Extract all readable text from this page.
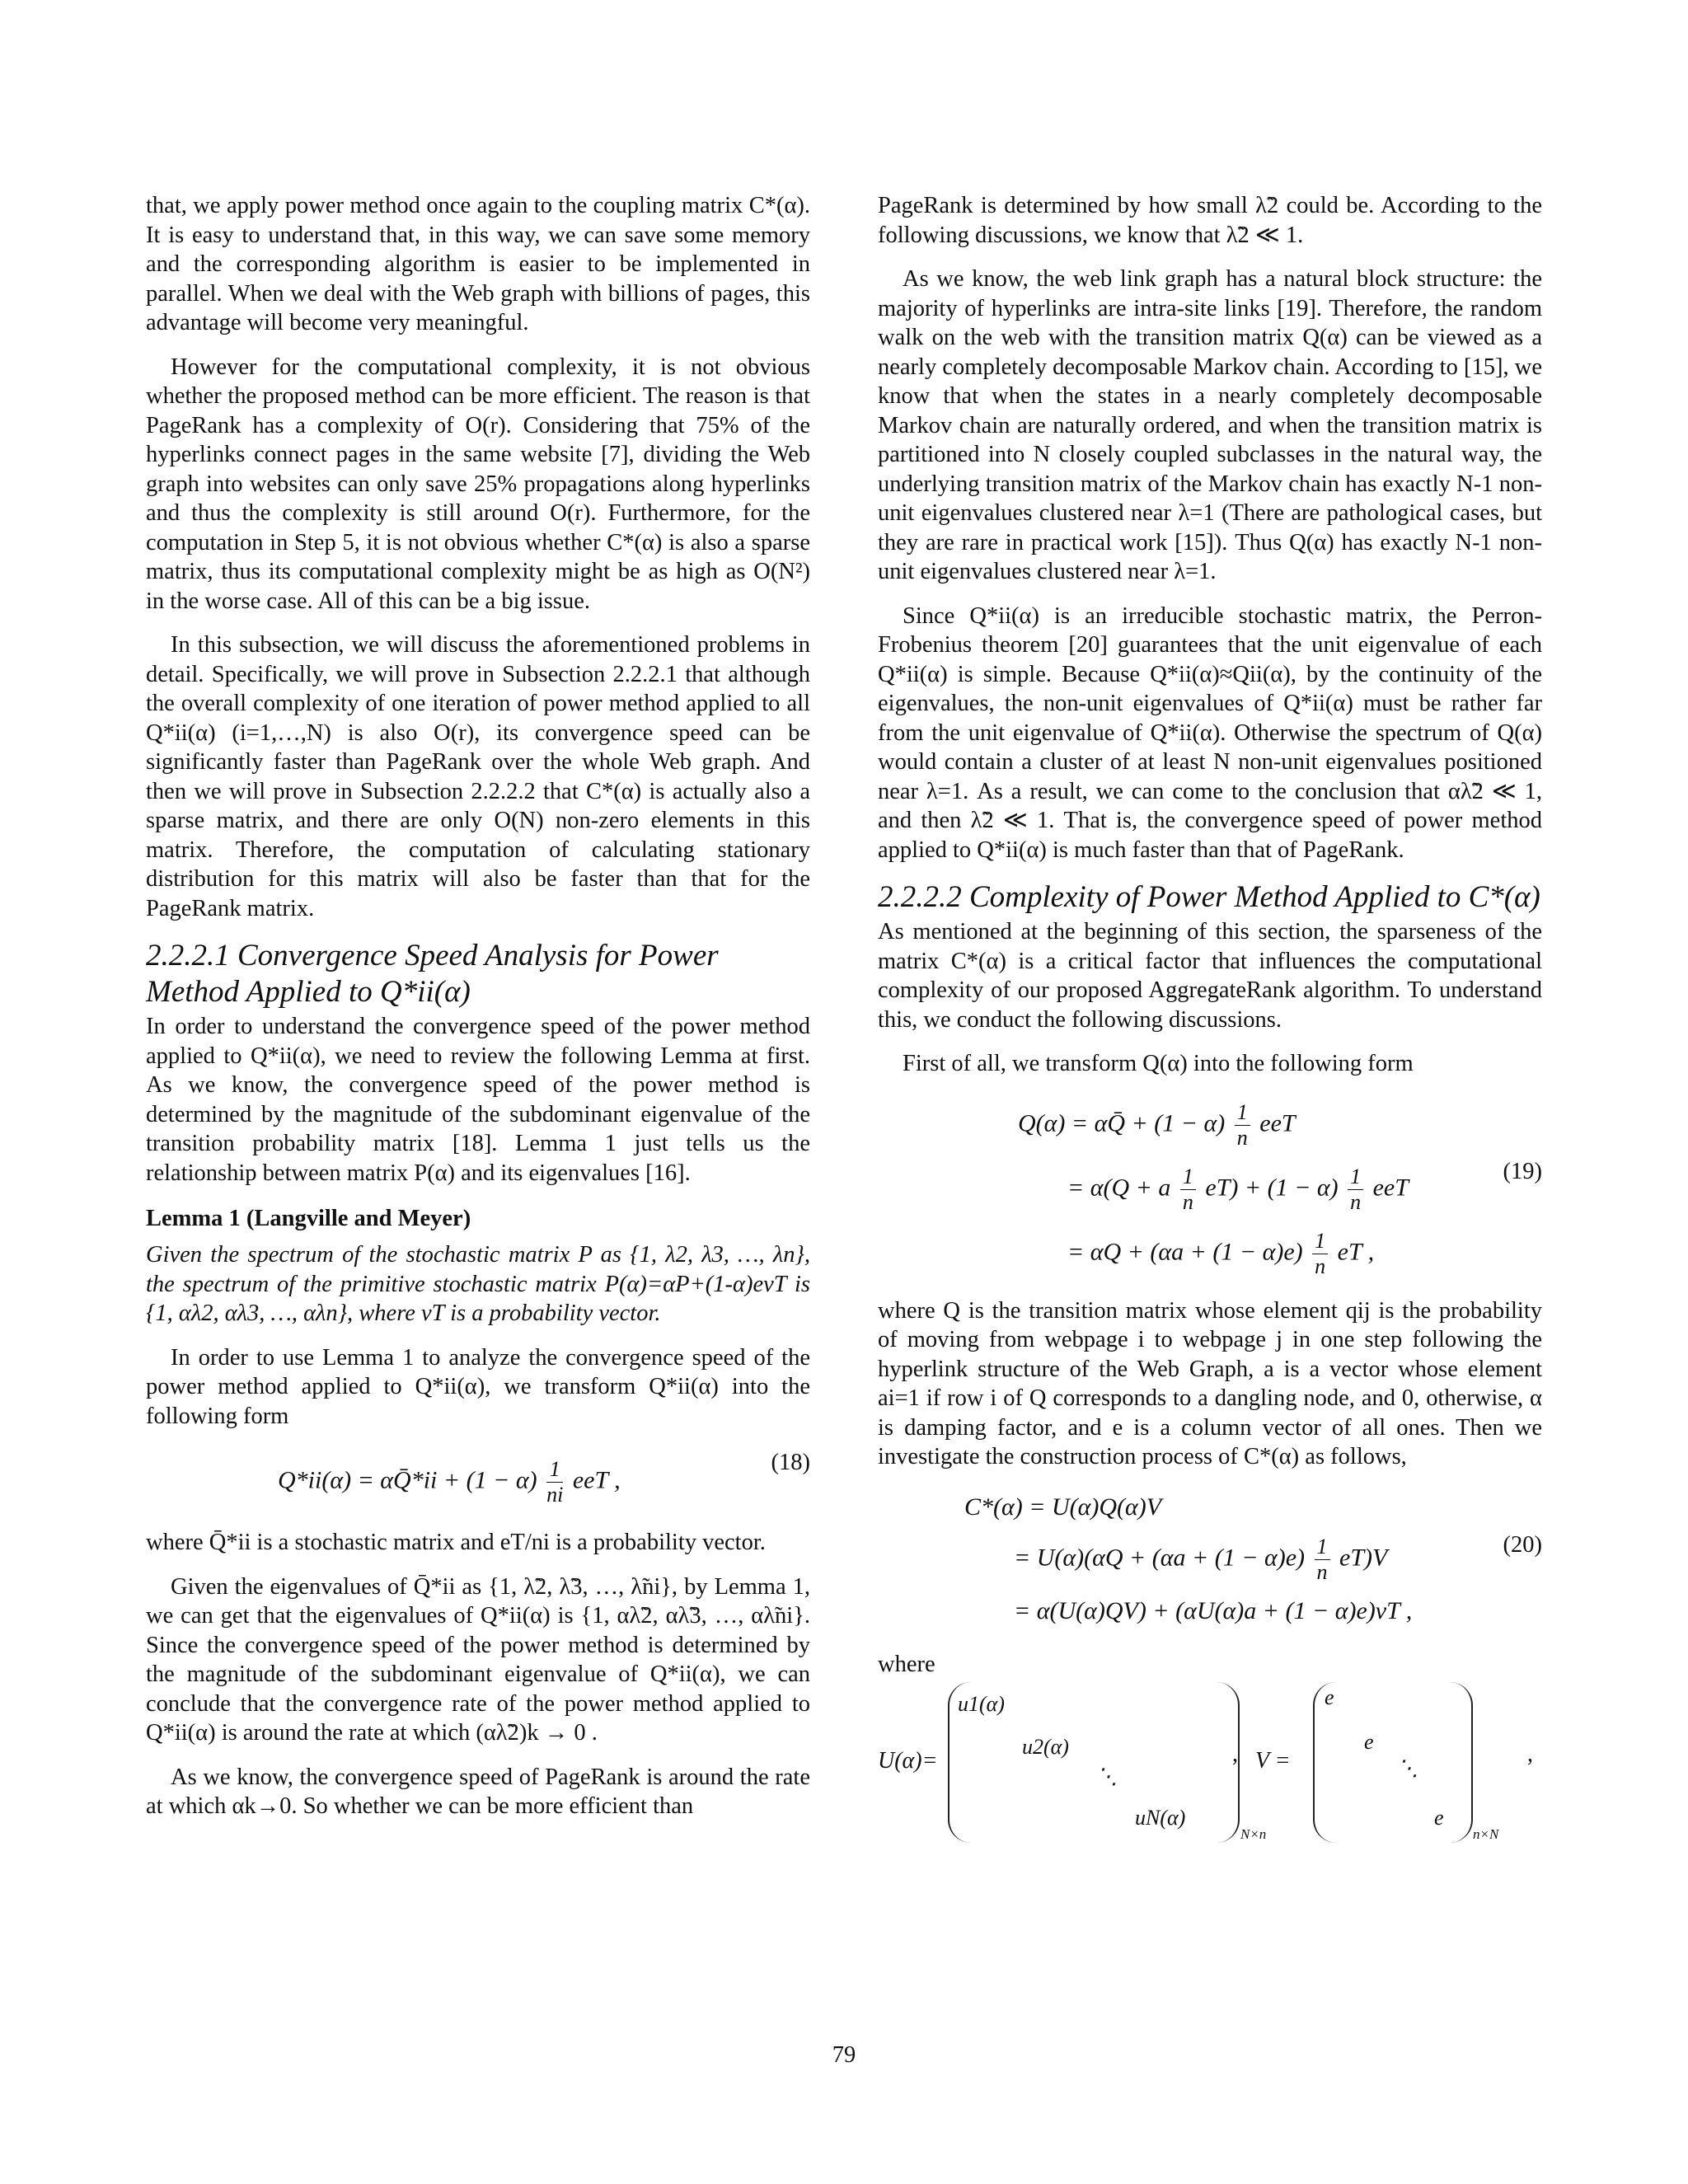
that, we apply power method once again to the coupling matrix C*(α). It is easy to understand that, in this way, we can save some memory and the corresponding algorithm is easier to be implemented in parallel. When we deal with the Web graph with billions of pages, this advantage will become very meaningful.

However for the computational complexity, it is not obvious whether the proposed method can be more efficient. The reason is that PageRank has a complexity of O(r). Considering that 75% of the hyperlinks connect pages in the same website [7], dividing the Web graph into websites can only save 25% propagations along hyperlinks and thus the complexity is still around O(r). Furthermore, for the computation in Step 5, it is not obvious whether C*(α) is also a sparse matrix, thus its computational complexity might be as high as O(N²) in the worse case. All of this can be a big issue.

In this subsection, we will discuss the aforementioned problems in detail. Specifically, we will prove in Subsection 2.2.2.1 that although the overall complexity of one iteration of power method applied to all Q*ii(α) (i=1,…,N) is also O(r), its convergence speed can be significantly faster than PageRank over the whole Web graph. And then we will prove in Subsection 2.2.2.2 that C*(α) is actually also a sparse matrix, and there are only O(N) non-zero elements in this matrix. Therefore, the computation of calculating stationary distribution for this matrix will also be faster than that for the PageRank matrix.

2.2.2.1 Convergence Speed Analysis for Power Method Applied to Q*ii(α)

In order to understand the convergence speed of the power method applied to Q*ii(α), we need to review the following Lemma at first. As we know, the convergence speed of the power method is determined by the magnitude of the subdominant eigenvalue of the transition probability matrix [18]. Lemma 1 just tells us the relationship between matrix P(α) and its eigenvalues [16].

Lemma 1 (Langville and Meyer)

Given the spectrum of the stochastic matrix P as {1, λ2, λ3, …, λn}, the spectrum of the primitive stochastic matrix P(α)=αP+(1-α)evT is {1, αλ2, αλ3, …, αλn}, where vT is a probability vector.

In order to use Lemma 1 to analyze the convergence speed of the power method applied to Q*ii(α), we transform Q*ii(α) into the following form

Q*ii(α) = αQ̄*ii + $(1 - \alpha) \frac{1}{ni}$ eeT ,
(18)

where Q̄*ii is a stochastic matrix and eT/ni is a probability vector.

Given the eigenvalues of Q̄*ii as {1, λ̃2, λ̃3, …, λ̃ni}, by Lemma 1, we can get that the eigenvalues of Q*ii(α) is {1, αλ̃2, αλ̃3, …, αλ̃ni}. Since the convergence speed of the power method is determined by the magnitude of the subdominant eigenvalue of Q*ii(α), we can conclude that the convergence rate of the power method applied to Q*ii(α) is around the rate at which (αλ̃2)k → 0 .

As we know, the convergence speed of PageRank is around the rate at which αk→0. So whether we can be more efficient than

PageRank is determined by how small λ̃2 could be. According to the following discussions, we know that λ̃2 ≪ 1.

As we know, the web link graph has a natural block structure: the majority of hyperlinks are intra-site links [19]. Therefore, the random walk on the web with the transition matrix Q(α) can be viewed as a nearly completely decomposable Markov chain. According to [15], we know that when the states in a nearly completely decomposable Markov chain are naturally ordered, and when the transition matrix is partitioned into N closely coupled subclasses in the natural way, the underlying transition matrix of the Markov chain has exactly N-1 non-unit eigenvalues clustered near λ=1 (There are pathological cases, but they are rare in practical work [15]). Thus Q(α) has exactly N-1 non-unit eigenvalues clustered near λ=1.

Since Q*ii(α) is an irreducible stochastic matrix, the Perron-Frobenius theorem [20] guarantees that the unit eigenvalue of each Q*ii(α) is simple. Because Q*ii(α)≈Qii(α), by the continuity of the eigenvalues, the non-unit eigenvalues of Q*ii(α) must be rather far from the unit eigenvalue of Q*ii(α). Otherwise the spectrum of Q(α) would contain a cluster of at least N non-unit eigenvalues positioned near λ=1. As a result, we can come to the conclusion that αλ̃2 ≪ 1, and then λ̃2 ≪ 1. That is, the convergence speed of power method applied to Q*ii(α) is much faster than that of PageRank.

2.2.2.2 Complexity of Power Method Applied to C*(α)

As mentioned at the beginning of this section, the sparseness of the matrix C*(α) is a critical factor that influences the computational complexity of our proposed AggregateRank algorithm. To understand this, we conduct the following discussions.

First of all, we transform Q(α) into the following form

Q(α) = αQ̄ + $(1 - \alpha) \frac{1}{n}$ eeT
= α(Q + a $\frac{1}{n} eT) + (1 - \alpha) \frac{1}{n}$ eeT
= $\alpha Q + (\alpha a + (1 - \alpha)e) \frac{1}{n}$ eT ,
(19)

where Q is the transition matrix whose element qij is the probability of moving from webpage i to webpage j in one step following the hyperlink structure of the Web Graph, a is a vector whose element ai=1 if row i of Q corresponds to a dangling node, and 0, otherwise, α is damping factor, and e is a column vector of all ones. Then we investigate the construction process of C*(α) as follows,

C*(α) = U(α)Q(α)V
= $U(\alpha)(\alpha Q + (\alpha a + (1 - \alpha)e) \frac{1}{n} eT)V$
= α(U(α)QV) + (αU(α)a + (1 − α)e)vT ,
(20)

where

U(α)=
u1(α)
u2(α)
⋱
uN(α)
N×n
, V =
e
e
⋱
e
n×N
,
79
